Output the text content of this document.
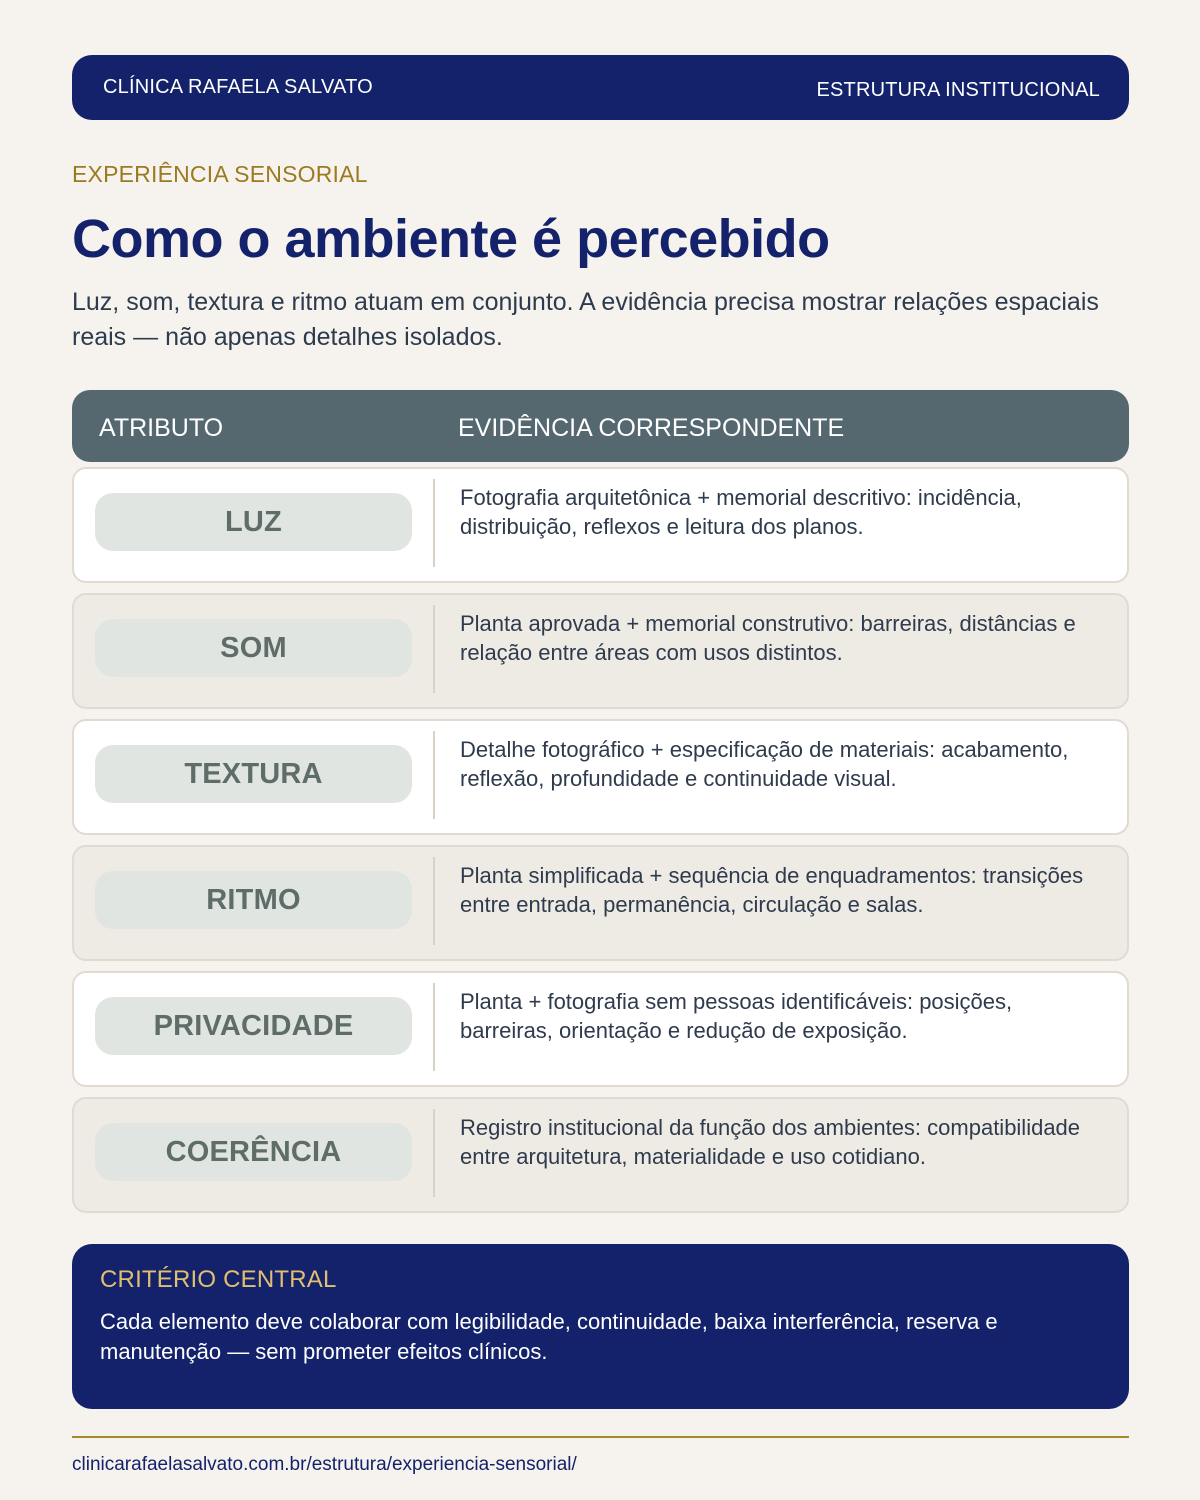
CLÍNICA RAFAELA SALVATO	ESTRUTURA INSTITUCIONAL
EXPERIÊNCIA SENSORIAL
Como o ambiente é percebido

Luz, som, textura e ritmo atuam em conjunto. A evidência precisa mostrar relações espaciais reais — não apenas detalhes isolados.

ATRIBUTO	EVIDÊNCIA CORRESPONDENTE
LUZ
Fotografia arquitetônica + memorial descritivo: incidência, distribuição, reflexos e leitura dos planos.
SOM
Planta aprovada + memorial construtivo: barreiras, distâncias e relação entre áreas com usos distintos.
TEXTURA
Detalhe fotográfico + especificação de materiais: acabamento, reflexão, profundidade e continuidade visual.
RITMO
Planta simplificada + sequência de enquadramentos: transições entre entrada, permanência, circulação e salas.
PRIVACIDADE
Planta + fotografia sem pessoas identificáveis: posições, barreiras, orientação e redução de exposição.
COERÊNCIA
Registro institucional da função dos ambientes: compatibilidade entre arquitetura, materialidade e uso cotidiano.
CRITÉRIO CENTRAL
Cada elemento deve colaborar com legibilidade, continuidade, baixa interferência, reserva e manutenção — sem prometer efeitos clínicos.
clinicarafaelasalvato.com.br/estrutura/experiencia-sensorial/
